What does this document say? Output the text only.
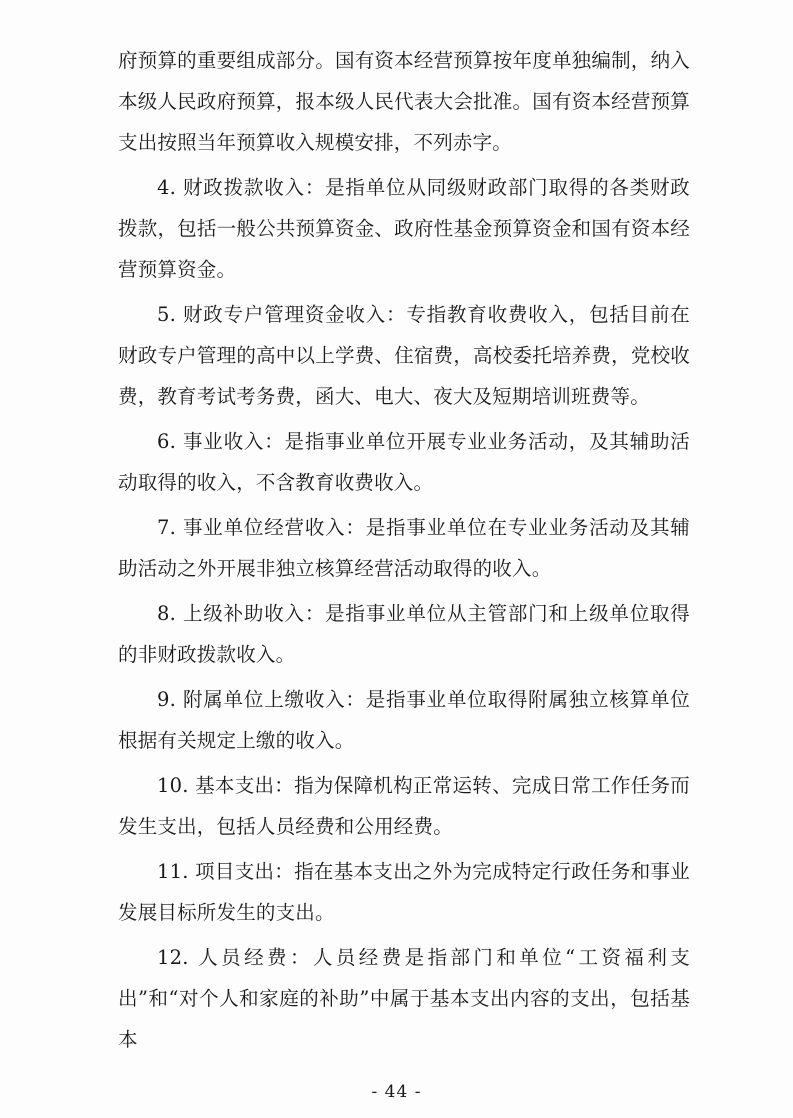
府预算的重要组成部分。国有资本经营预算按年度单独编制，纳入本级人民政府预算，报本级人民代表大会批准。国有资本经营预算支出按照当年预算收入规模安排，不列赤字。

4. 财政拨款收入：是指单位从同级财政部门取得的各类财政拨款，包括一般公共预算资金、政府性基金预算资金和国有资本经营预算资金。

5. 财政专户管理资金收入：专指教育收费收入，包括目前在财政专户管理的高中以上学费、住宿费，高校委托培养费，党校收费，教育考试考务费，函大、电大、夜大及短期培训班费等。

6. 事业收入：是指事业单位开展专业业务活动，及其辅助活动取得的收入，不含教育收费收入。

7. 事业单位经营收入：是指事业单位在专业业务活动及其辅助活动之外开展非独立核算经营活动取得的收入。

8. 上级补助收入：是指事业单位从主管部门和上级单位取得的非财政拨款收入。

9. 附属单位上缴收入：是指事业单位取得附属独立核算单位根据有关规定上缴的收入。

10. 基本支出：指为保障机构正常运转、完成日常工作任务而发生支出，包括人员经费和公用经费。

11. 项目支出：指在基本支出之外为完成特定行政任务和事业发展目标所发生的支出。

12. 人员经费：人员经费是指部门和单位“工资福利支出”和“对个人和家庭的补助”中属于基本支出内容的支出，包括基本

- 44 -
